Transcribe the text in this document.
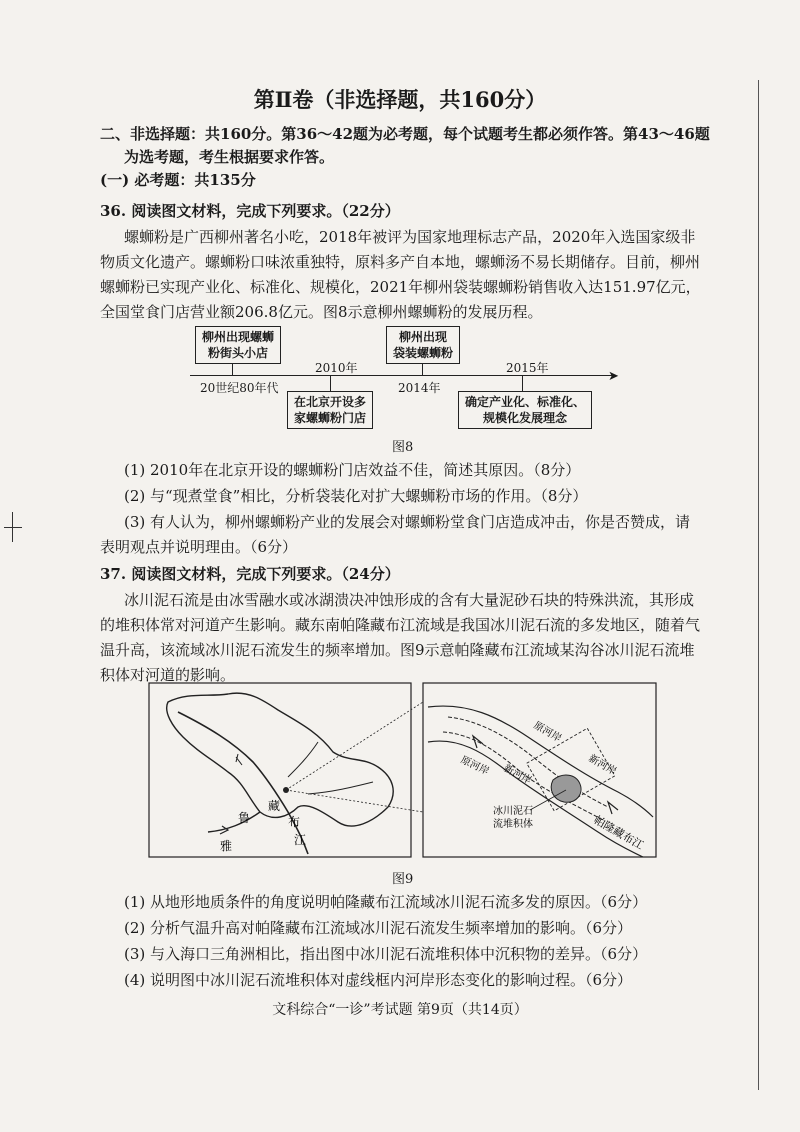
第Ⅱ卷（非选择题，共160分）
二、非选择题：共160分。第36～42题为必考题，每个试题考生都必须作答。第43～46题
为选考题，考生根据要求作答。
(一) 必考题：共135分
36. 阅读图文材料，完成下列要求。（22分）
螺蛳粉是广西柳州著名小吃，2018年被评为国家地理标志产品，2020年入选国家级非
物质文化遗产。螺蛳粉口味浓重独特，原料多产自本地，螺蛳汤不易长期储存。目前，柳州
螺蛳粉已实现产业化、标准化、规模化，2021年柳州袋装螺蛳粉销售收入达151.97亿元，
全国堂食门店营业额206.8亿元。图8示意柳州螺蛳粉的发展历程。
柳州出现螺蛳
粉街头小店
20世纪80年代
2010年
在北京开设多
家螺蛳粉门店
柳州出现
袋装螺蛳粉
2014年
2015年
确定产业化、标准化、
规模化发展理念
➤
图8
(1) 2010年在北京开设的螺蛳粉门店效益不佳，简述其原因。（8分）
(2) 与“现煮堂食”相比，分析袋装化对扩大螺蛳粉市场的作用。（8分）
(3) 有人认为，柳州螺蛳粉产业的发展会对螺蛳粉堂食门店造成冲击，你是否赞成，请
表明观点并说明理由。（6分）
37. 阅读图文材料，完成下列要求。（24分）
冰川泥石流是由冰雪融水或冰湖溃决冲蚀形成的含有大量泥砂石块的特殊洪流，其形成
的堆积体常对河道产生影响。藏东南帕隆藏布江流域是我国冰川泥石流的多发地区，随着气
温升高，该流域冰川泥石流发生的频率增加。图9示意帕隆藏布江流域某沟谷冰川泥石流堆
积体对河道的影响。
雅
鲁
藏
布
江
原河岸
原河岸	新河岸
新河岸
冰川泥石
流堆积体	帕隆藏布江
图9
(1) 从地形地质条件的角度说明帕隆藏布江流域冰川泥石流多发的原因。（6分）
(2) 分析气温升高对帕隆藏布江流域冰川泥石流发生频率增加的影响。（6分）
(3) 与入海口三角洲相比，指出图中冰川泥石流堆积体中沉积物的差异。（6分）
(4) 说明图中冰川泥石流堆积体对虚线框内河岸形态变化的影响过程。（6分）
文科综合“一诊”考试题 第9页（共14页）
